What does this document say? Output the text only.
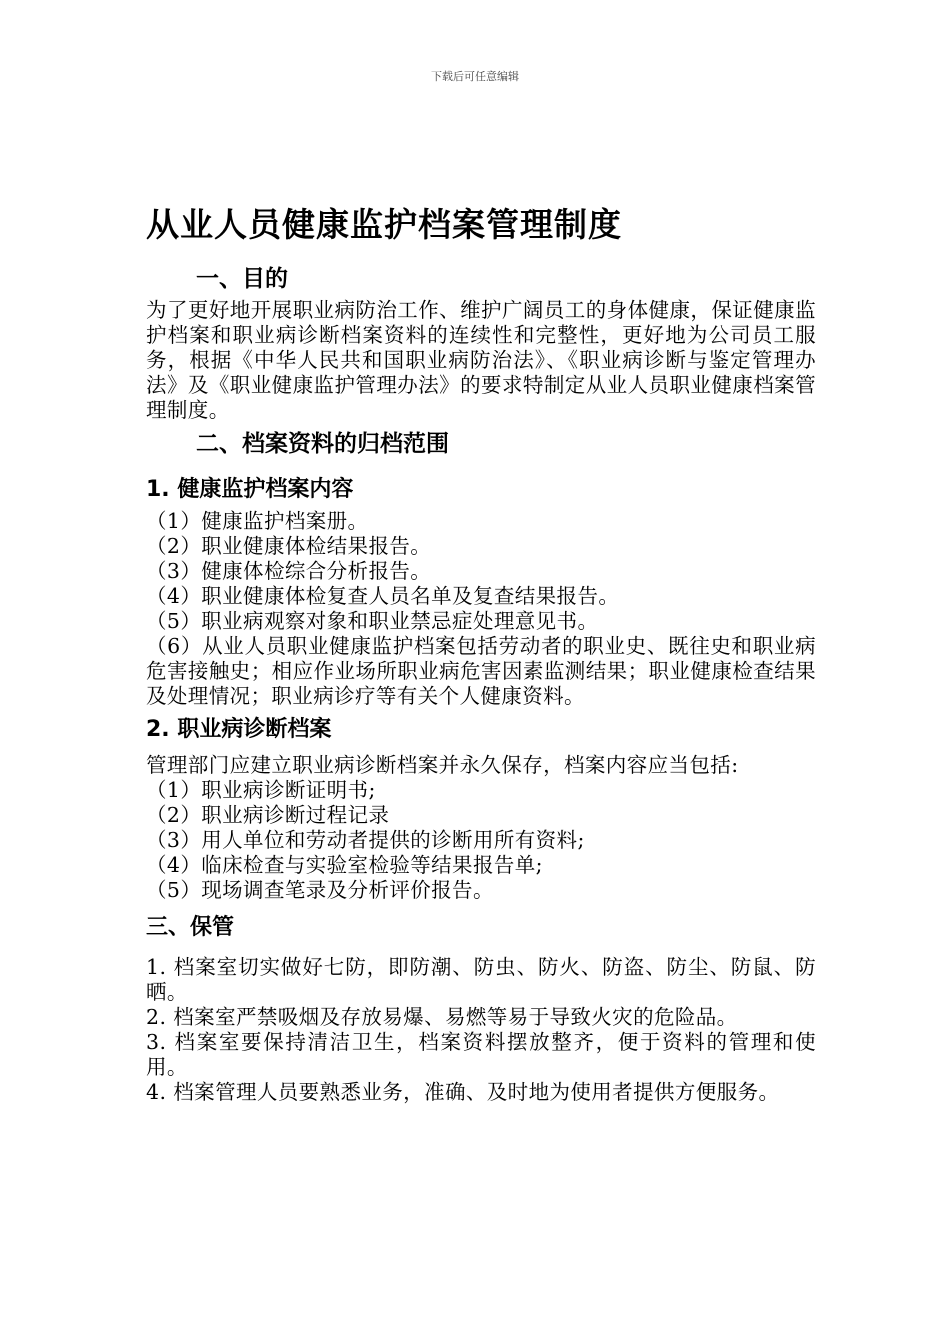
下载后可任意编辑
从业人员健康监护档案管理制度
一、目的

为了更好地开展职业病防治工作、维护广阔员工的身体健康，保证健康监护档案和职业病诊断档案资料的连续性和完整性，更好地为公司员工服务，根据《中华人民共和国职业病防治法》、《职业病诊断与鉴定管理办法》及《职业健康监护管理办法》的要求特制定从业人员职业健康档案管理制度。

二、档案资料的归档范围
1. 健康监护档案内容

（1）健康监护档案册。

（2）职业健康体检结果报告。

（3）健康体检综合分析报告。

（4）职业健康体检复查人员名单及复查结果报告。

（5）职业病观察对象和职业禁忌症处理意见书。

（6）从业人员职业健康监护档案包括劳动者的职业史、既往史和职业病危害接触史；相应作业场所职业病危害因素监测结果；职业健康检查结果及处理情况；职业病诊疗等有关个人健康资料。

2. 职业病诊断档案

管理部门应建立职业病诊断档案并永久保存，档案内容应当包括:

（1）职业病诊断证明书;

（2）职业病诊断过程记录

（3）用人单位和劳动者提供的诊断用所有资料;

（4）临床检查与实验室检验等结果报告单;

（5）现场调查笔录及分析评价报告。

三、保管

1. 档案室切实做好七防，即防潮、防虫、防火、防盗、防尘、防鼠、防晒。

2. 档案室严禁吸烟及存放易爆、易燃等易于导致火灾的危险品。

3. 档案室要保持清洁卫生，档案资料摆放整齐，便于资料的管理和使用。

4. 档案管理人员要熟悉业务，准确、及时地为使用者提供方便服务。
